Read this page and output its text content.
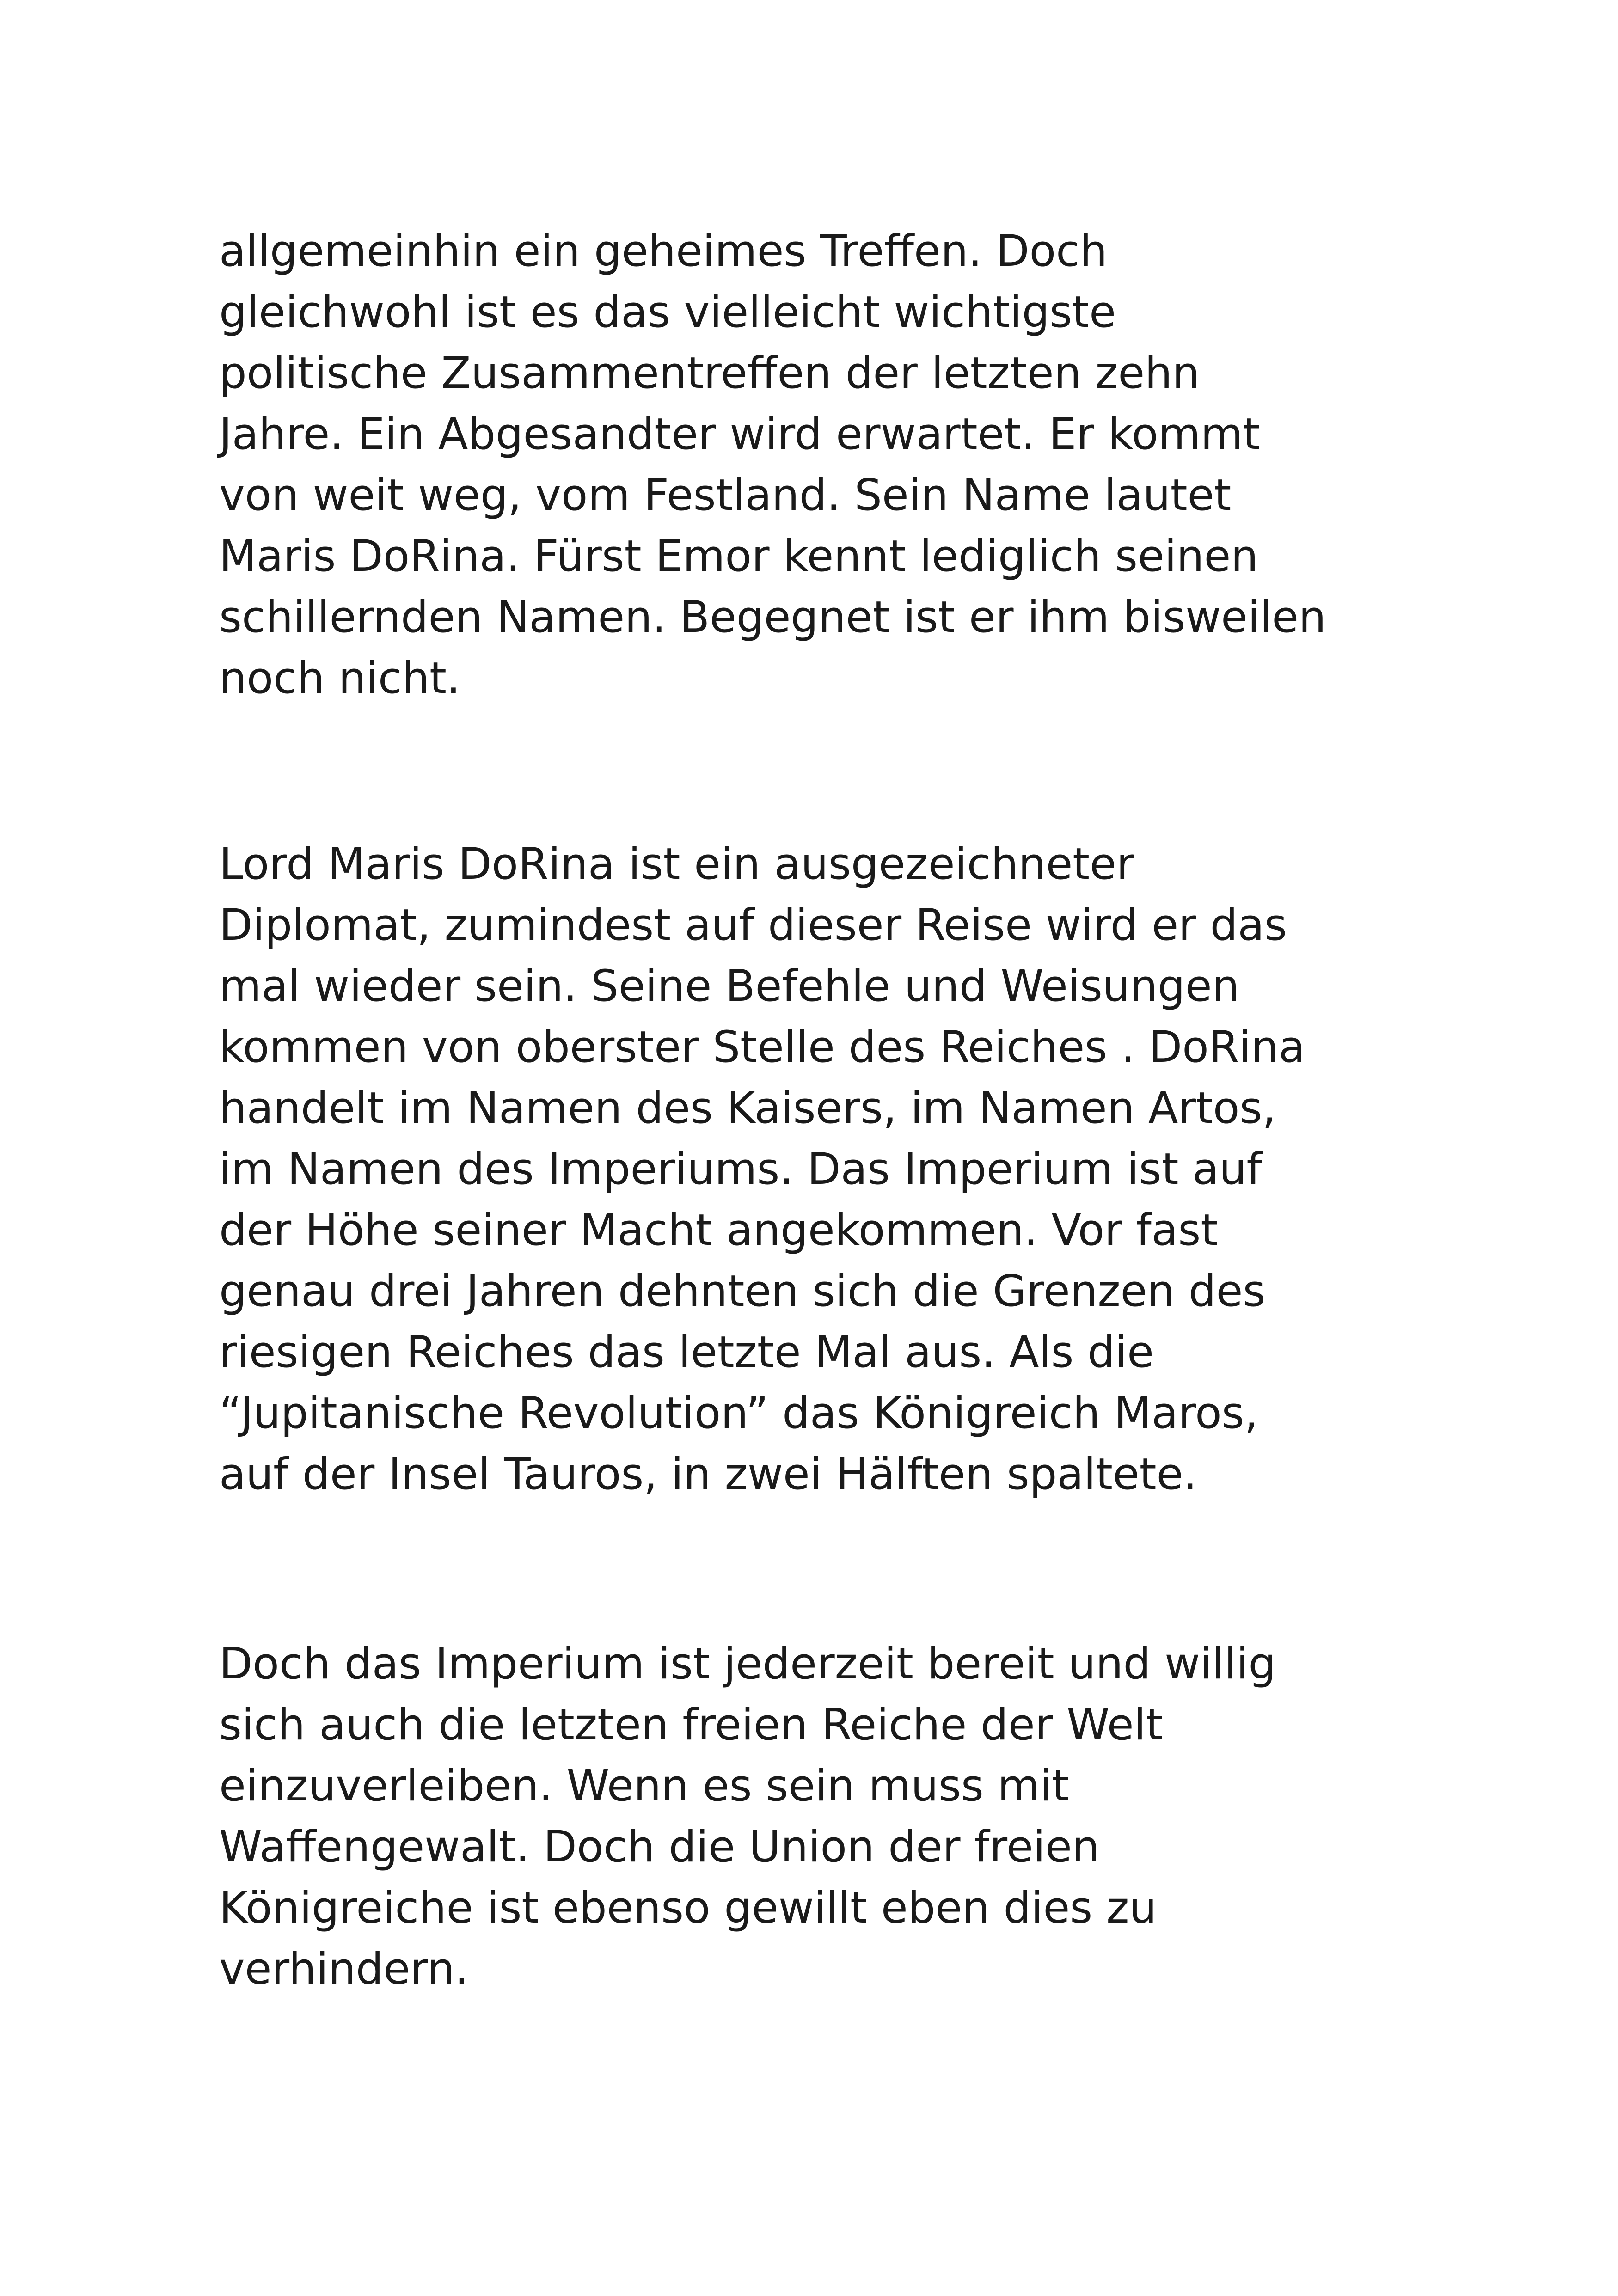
allgemeinhin ein geheimes Treffen. Doch
gleichwohl ist es das vielleicht wichtigste
politische Zusammentreffen der letzten zehn
Jahre. Ein Abgesandter wird erwartet. Er kommt
von weit weg, vom Festland. Sein Name lautet
Maris DoRina. Fürst Emor kennt lediglich seinen
schillernden Namen. Begegnet ist er ihm bisweilen
noch nicht.

Lord Maris DoRina ist ein ausgezeichneter
Diplomat, zumindest auf dieser Reise wird er das
mal wieder sein. Seine Befehle und Weisungen
kommen von oberster Stelle des Reiches . DoRina
handelt im Namen des Kaisers, im Namen Artos,
im Namen des Imperiums. Das Imperium ist auf
der Höhe seiner Macht angekommen. Vor fast
genau drei Jahren dehnten sich die Grenzen des
riesigen Reiches das letzte Mal aus. Als die
“Jupitanische Revolution” das Königreich Maros,
auf der Insel Tauros, in zwei Hälften spaltete.

Doch das Imperium ist jederzeit bereit und willig
sich auch die letzten freien Reiche der Welt
einzuverleiben. Wenn es sein muss mit
Waffengewalt. Doch die Union der freien
Königreiche ist ebenso gewillt eben dies zu
verhindern.
